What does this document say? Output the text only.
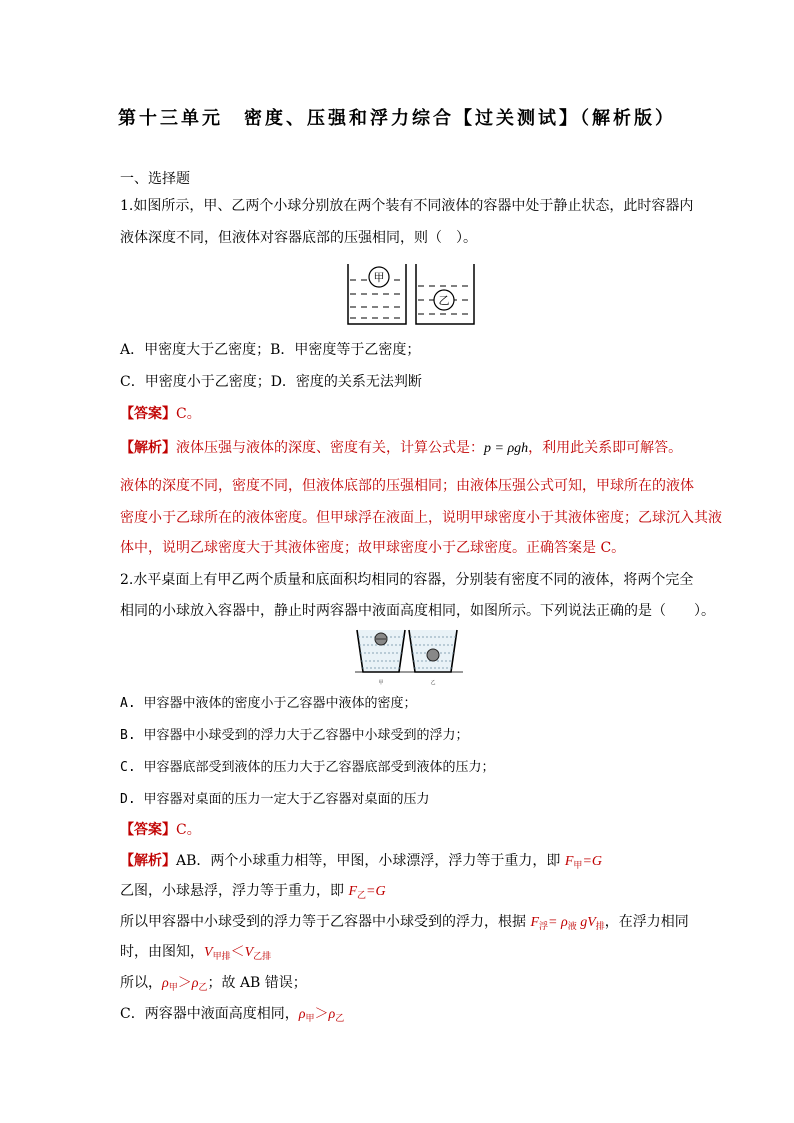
第十三单元　密度、压强和浮力综合【过关测试】（解析版）
一、选择题
1.如图所示，甲、乙两个小球分别放在两个装有不同液体的容器中处于静止状态，此时容器内
液体深度不同，但液体对容器底部的压强相同，则（　）。
甲
乙
A．甲密度大于乙密度；B．甲密度等于乙密度；
C．甲密度小于乙密度；D．密度的关系无法判断
【答案】C。
【解析】液体压强与液体的深度、密度有关，计算公式是：p = ρgh，利用此关系即可解答。
液体的深度不同，密度不同，但液体底部的压强相同；由液体压强公式可知，甲球所在的液体
密度小于乙球所在的液体密度。但甲球浮在液面上，说明甲球密度小于其液体密度；乙球沉入其液
体中，说明乙球密度大于其液体密度；故甲球密度小于乙球密度。正确答案是 C。
2.水平桌面上有甲乙两个质量和底面积均相同的容器，分别装有密度不同的液体，将两个完全
相同的小球放入容器中，静止时两容器中液面高度相同，如图所示。下列说法正确的是（　　）。
甲	乙
A. 甲容器中液体的密度小于乙容器中液体的密度；
B. 甲容器中小球受到的浮力大于乙容器中小球受到的浮力；
C. 甲容器底部受到液体的压力大于乙容器底部受到液体的压力；
D. 甲容器对桌面的压力一定大于乙容器对桌面的压力
【答案】C。
【解析】AB．两个小球重力相等，甲图，小球漂浮，浮力等于重力，即 $F_甲=G$
乙图，小球悬浮，浮力等于重力，即 $F_乙=G$
所以甲容器中小球受到的浮力等于乙容器中小球受到的浮力，根据 $F_浮= \rho_液$ $gV_排$，在浮力相同
时，由图知，$V_{甲排}<V_{乙排}$
所以，$\rho_甲>\rho_乙$；故 AB 错误；
C．两容器中液面高度相同，$\rho_甲>\rho_乙$
